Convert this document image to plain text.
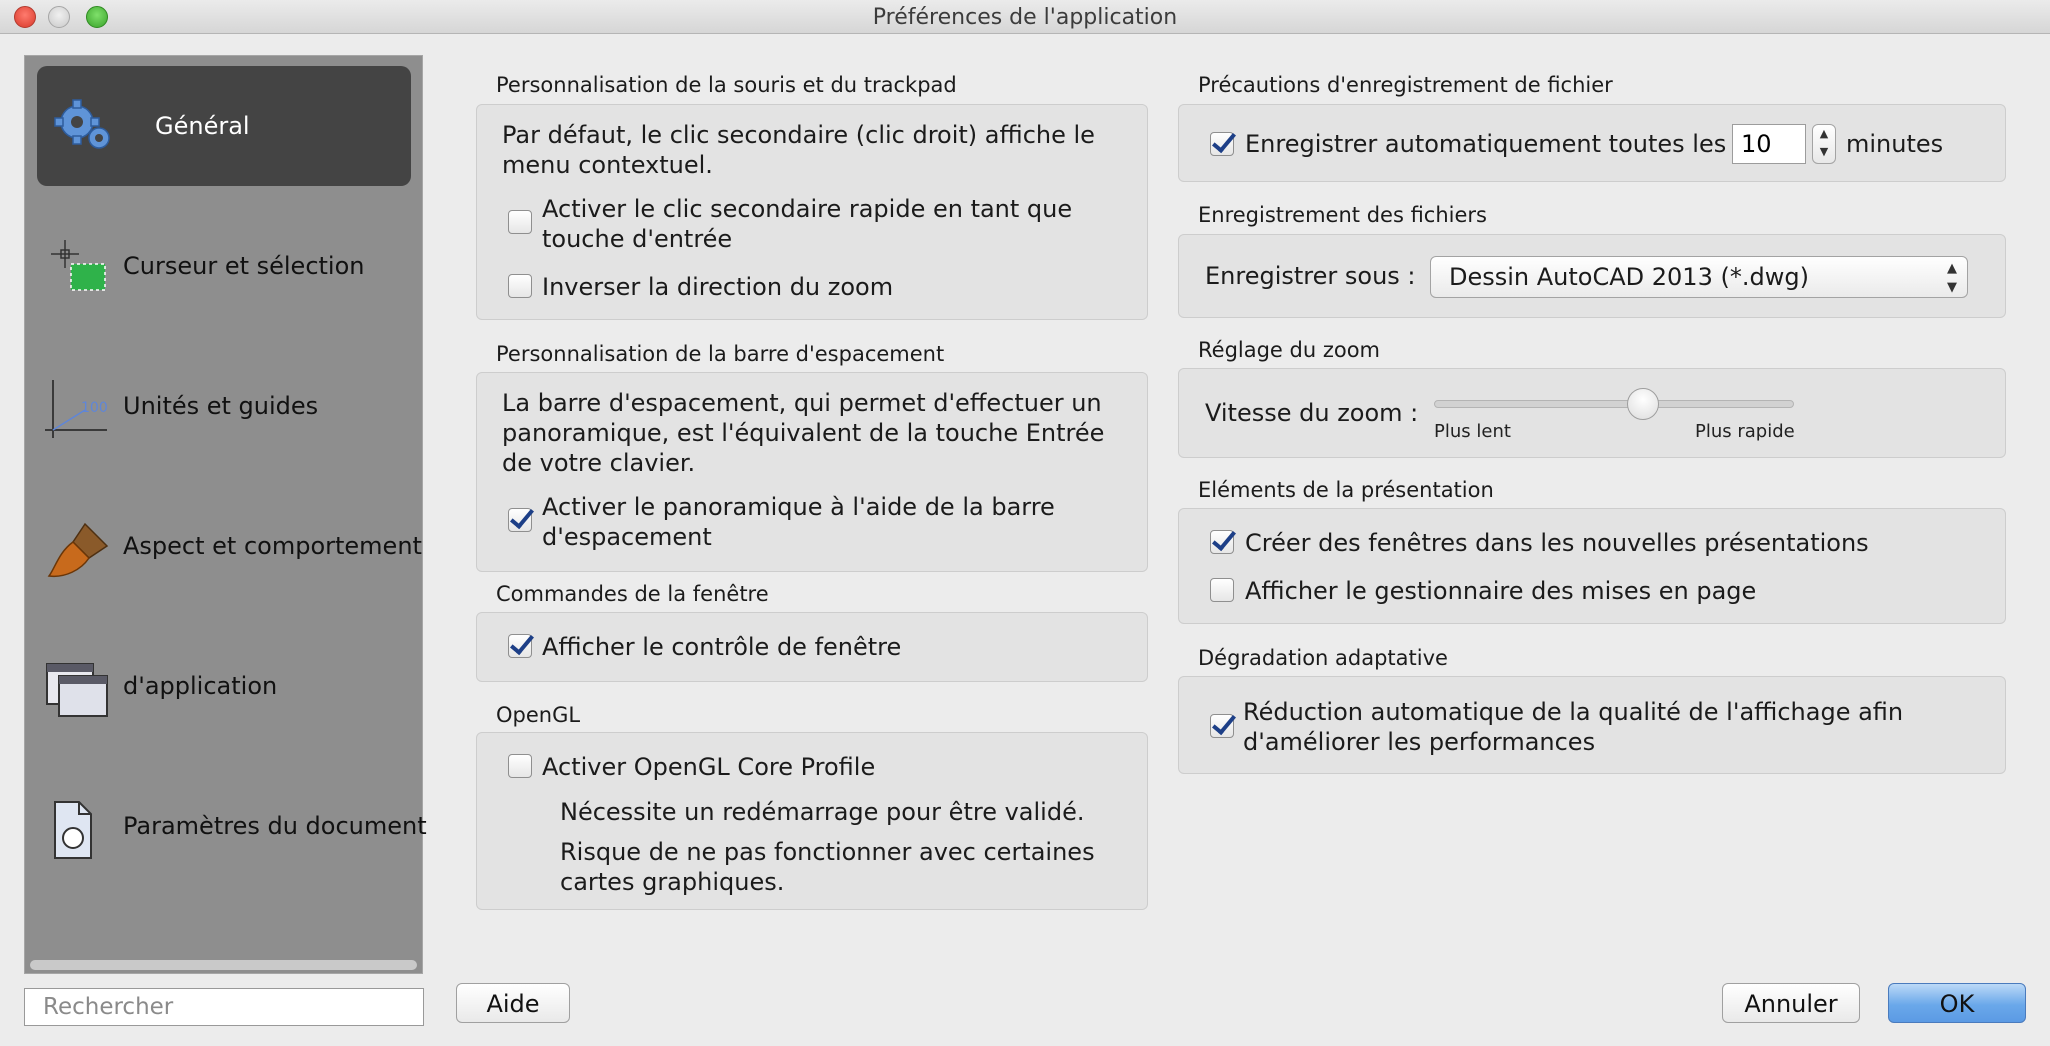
Préférences de l'application
Général
Curseur et sélection
100 Unités et guides
Aspect et comportement
d'application
Paramètres du document
Rechercher
Personnalisation de la souris et du trackpad
Par défaut, le clic secondaire (clic droit) affiche le
menu contextuel.
Activer le clic secondaire rapide en tant que
touche d'entrée
Inverser la direction du zoom
Personnalisation de la barre d'espacement
La barre d'espacement, qui permet d'effectuer un
panoramique, est l'équivalent de la touche Entrée
de votre clavier.
Activer le panoramique à l'aide de la barre
d'espacement
Commandes de la fenêtre
Afficher le contrôle de fenêtre
OpenGL
Activer OpenGL Core Profile
Nécessite un redémarrage pour être validé.
Risque de ne pas fonctionner avec certaines
cartes graphiques.
Précautions d'enregistrement de fichier
Enregistrer automatiquement toutes les
10	▲
▼ minutes
Enregistrement des fichiers
Enregistrer sous :	Dessin AutoCAD 2013 (*.dwg)	▲
▼
Réglage du zoom
Vitesse du zoom :
Plus lent	Plus rapide
Eléments de la présentation
Créer des fenêtres dans les nouvelles présentations
Afficher le gestionnaire des mises en page
Dégradation adaptative
Réduction automatique de la qualité de l'affichage afin
d'améliorer les performances
Aide	Annuler	OK
